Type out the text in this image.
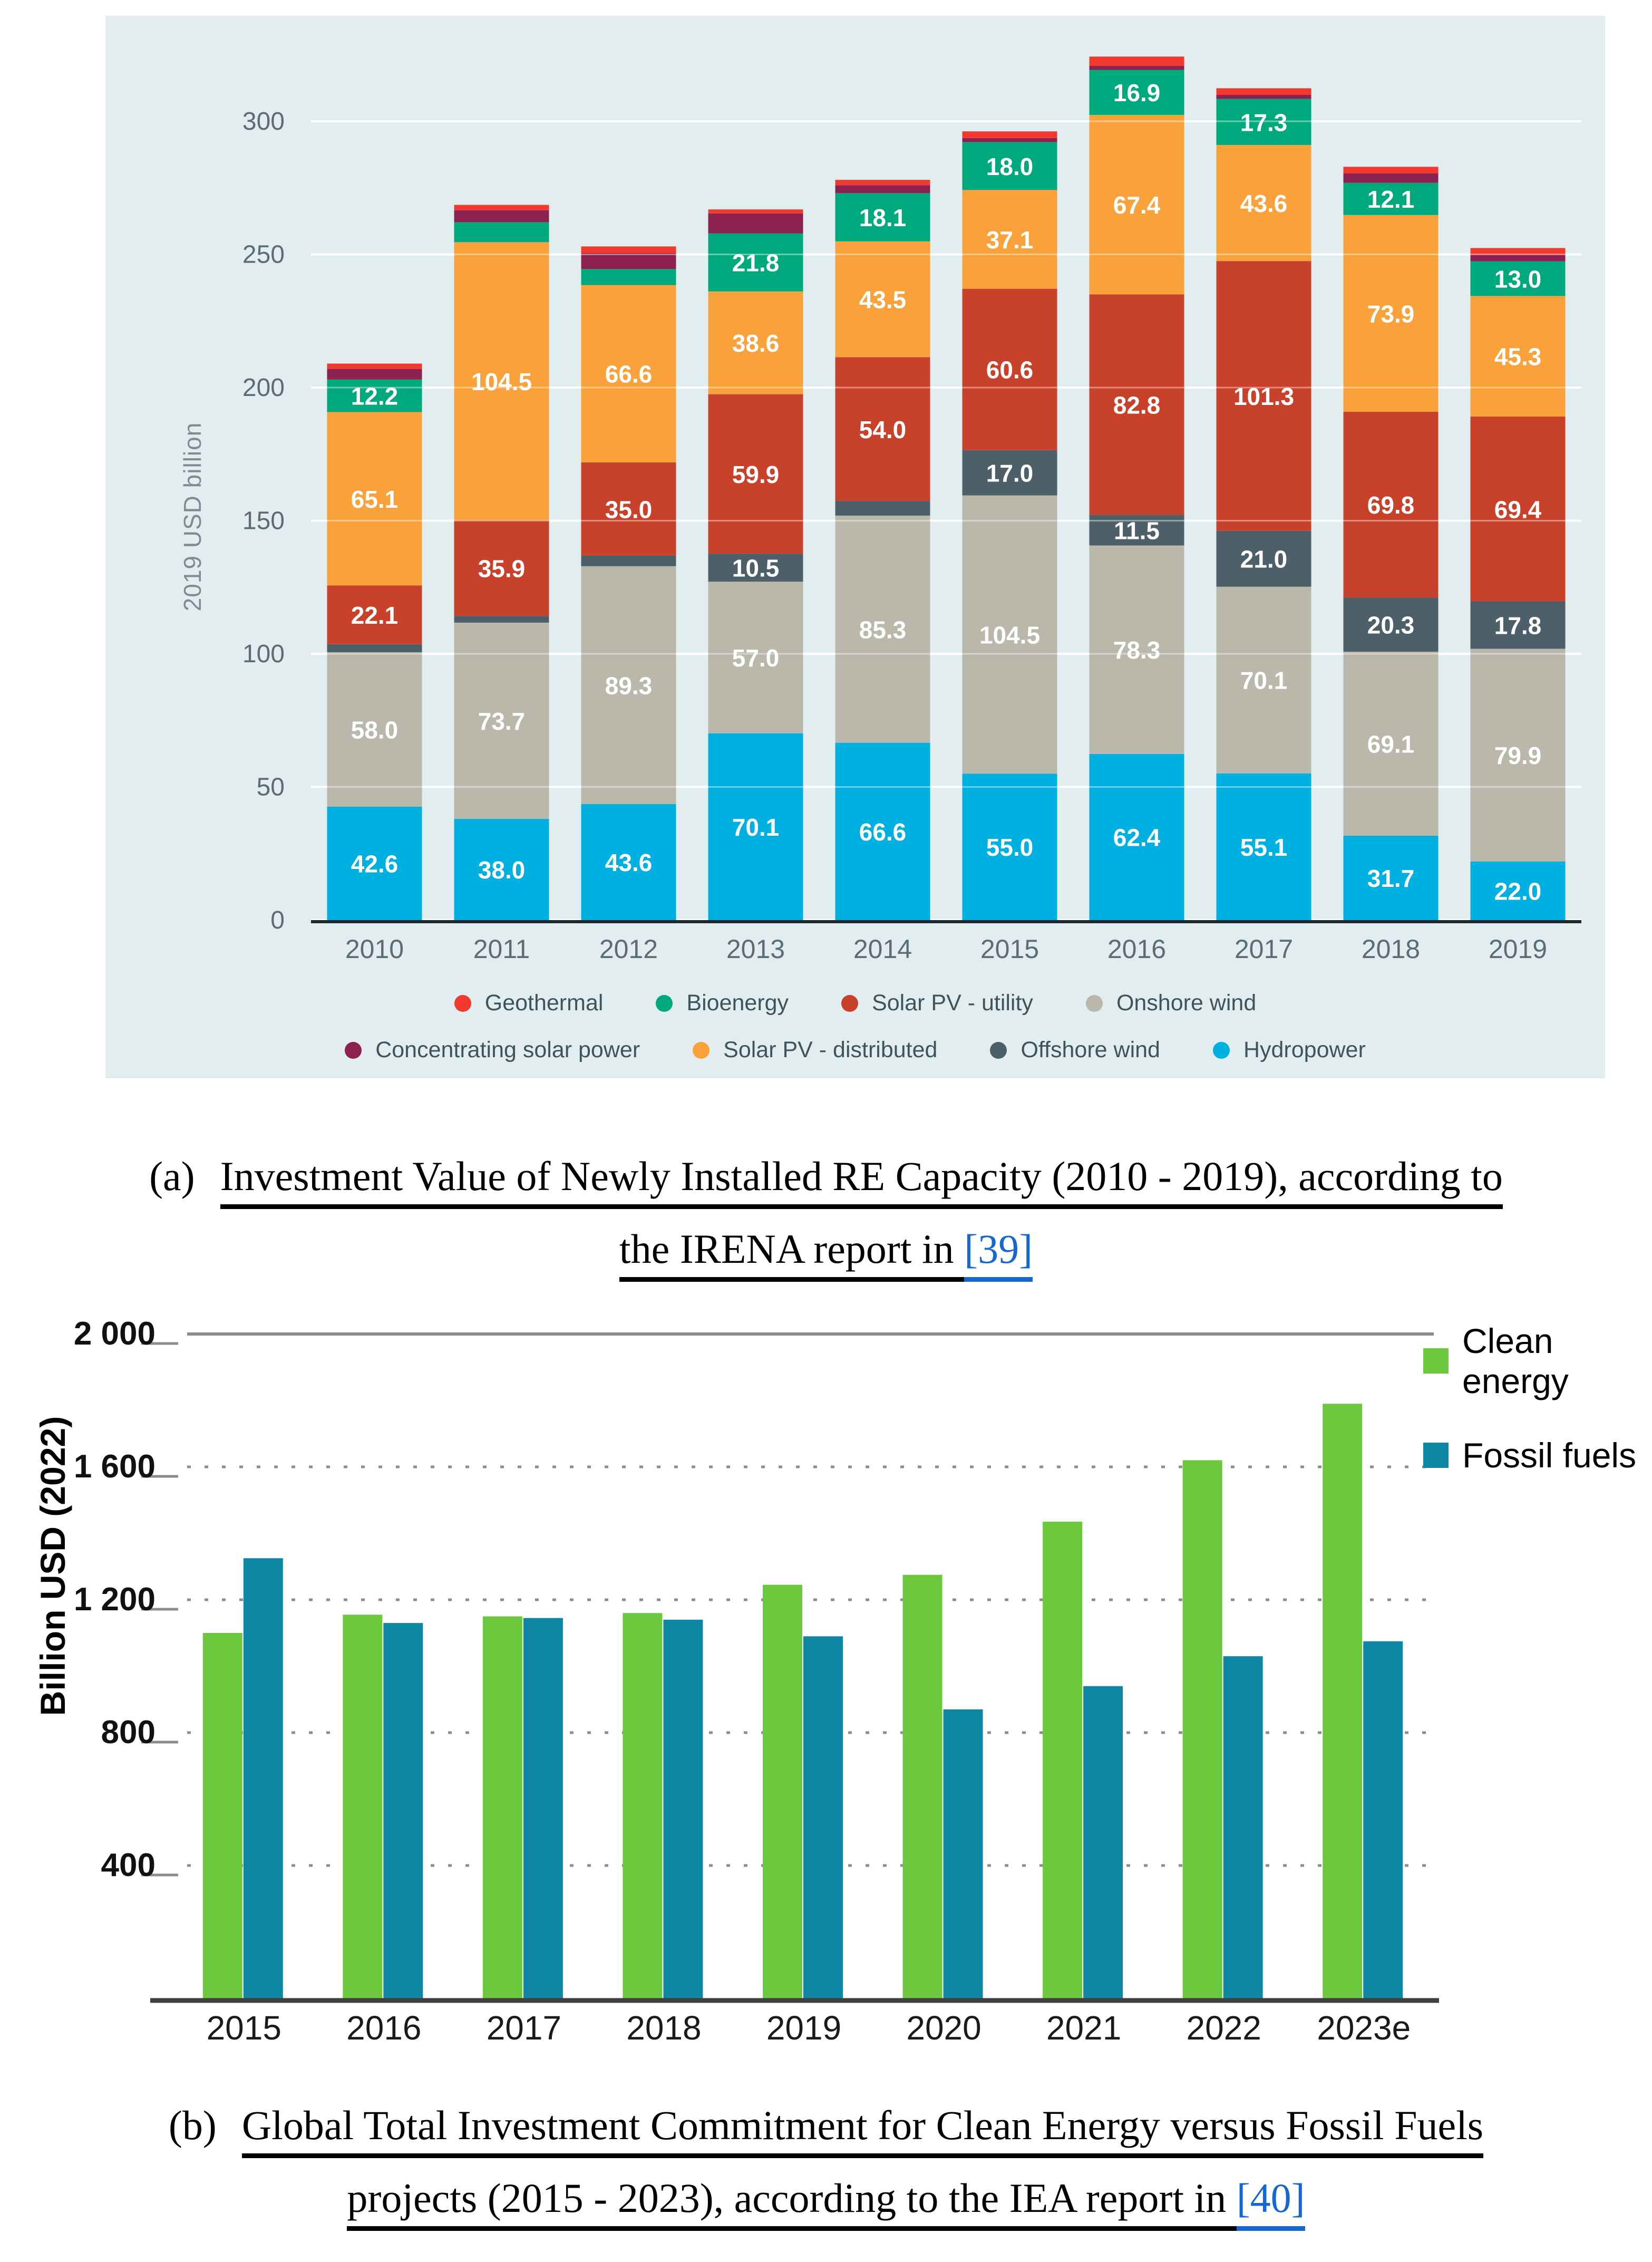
0
50
100
150
200
250
300
42.6
58.0
22.1
65.1
12.2
2010
38.0
73.7
35.9
104.5
2011
43.6
89.3
35.0
66.6
2012
70.1
57.0
10.5
59.9
38.6
21.8
2013
66.6
85.3
54.0
43.5
18.1
2014
55.0
104.5
17.0
60.6
37.1
18.0
2015
62.4
78.3
11.5
82.8
67.4
16.9
2016
55.1
70.1
21.0
101.3
43.6
17.3
2017
31.7
69.1
20.3
69.8
73.9
12.1
2018
22.0
79.9
17.8
69.4
45.3
13.0
2019
2019 USD billion
Geothermal	Bioenergy	Solar PV - utility	Onshore wind
Concentrating solar power	Solar PV - distributed	Offshore wind	Hydropower
(a) Investment Value of Newly Installed RE Capacity (2010 - 2019), according to
the IRENA report in [39]
400
800
1 200
1 600
2 000
2015 2016 2017 2018 2019 2020 2021 2022 2023e
Billion USD (2022)
Clean energy
Fossil fuels
(b) Global Total Investment Commitment for Clean Energy versus Fossil Fuels
projects (2015 - 2023), according to the IEA report in [40]
